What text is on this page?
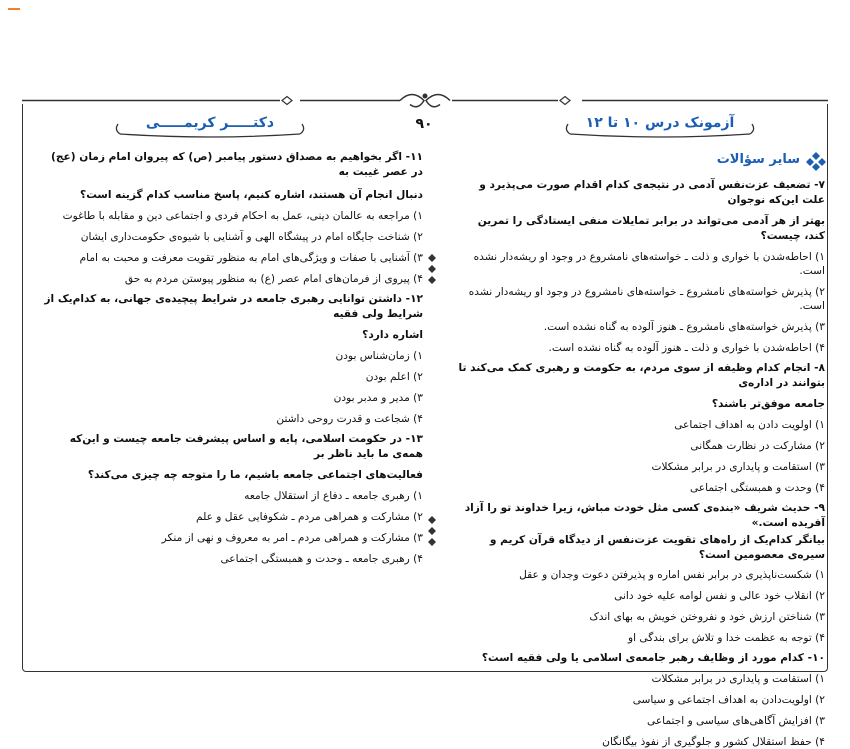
دکتـــــر کریمـــــی	۹۰	آزمونک درس ۱۰ تا ۱۲
سایر سؤالات

۱۱- اگر بخواهیم به مصداق دستور پیامبر (ص) که پیروان امام زمان (عج) در عصر غیبت به

دنبال انجام آن هستند، اشاره کنیم، پاسخ مناسب کدام گزینه است؟

۱) مراجعه به عالمان دینی، عمل به احکام فردی و اجتماعی دین و مقابله با طاغوت

۲) شناخت جایگاه امام در پیشگاه الهی و آشنایی با شیوه‌ی حکومت‌داری ایشان

۳) آشنایی با صفات و ویژگی‌های امام به منظور تقویت معرفت و محبت به امام

۴) پیروی از فرمان‌های امام عصر (ع) به منظور پیوستن مردم به حق

۱۲- داشتن توانایی رهبری جامعه در شرایط پیچیده‌ی جهانی، به کدام‌یک از شرایط ولی فقیه

اشاره دارد؟

۱) زمان‌شناس بودن

۲) اعلم بودن

۳) مدیر و مدبر بودن

۴) شجاعت و قدرت روحی داشتن

۱۳- در حکومت اسلامی، پایه و اساس پیشرفت جامعه چیست و این‌که همه‌ی ما باید ناظر بر

فعالیت‌های اجتماعی جامعه باشیم، ما را متوجه چه چیزی می‌کند؟

۱) رهبری جامعه ـ دفاع از استقلال جامعه

۲) مشارکت و همراهی مردم ـ شکوفایی عقل و علم

۳) مشارکت و همراهی مردم ـ امر به معروف و نهی از منکر

۴) رهبری جامعه ـ وحدت و همبستگی اجتماعی

۷- تضعیف عزت‌نفس آدمی در نتیجه‌ی کدام اقدام صورت می‌پذیرد و علت این‌که نوجوان

بهتر از هر آدمی می‌تواند در برابر تمایلات منفی ایستادگی را تمرین کند، چیست؟

۱) احاطه‌شدن با خواری و ذلت ـ خواسته‌های نامشروع در وجود او ریشه‌دار نشده است.

۲) پذیرش خواسته‌های نامشروع ـ خواسته‌های نامشروع در وجود او ریشه‌دار نشده است.

۳) پذیرش خواسته‌های نامشروع ـ هنوز آلوده به گناه نشده است.

۴) احاطه‌شدن با خواری و ذلت ـ هنوز آلوده به گناه نشده است.

۸- انجام کدام وظیفه از سوی مردم، به حکومت و رهبری کمک می‌کند تا بتوانند در اداره‌ی

جامعه موفق‌تر باشند؟

۱) اولویت دادن به اهداف اجتماعی

۲) مشارکت در نظارت همگانی

۳) استقامت و پایداری در برابر مشکلات

۴) وحدت و همبستگی اجتماعی

۹- حدیث شریف «بنده‌ی کسی مثل خودت مباش، زیرا خداوند تو را آزاد آفریده است.»

بیانگر کدام‌یک از راه‌های تقویت عزت‌نفس از دیدگاه قرآن کریم و سیره‌ی معصومین است؟

۱) شکست‌ناپذیری در برابر نفس اماره و پذیرفتن دعوت وجدان و عقل

۲) انقلاب خود عالی و نفس لوامه علیه خود دانی

۳) شناختن ارزش خود و نفروختن خویش به بهای اندک

۴) توجه به عظمت خدا و تلاش برای بندگی او

۱۰- کدام مورد از وظایف رهبر جامعه‌ی اسلامی یا ولی فقیه است؟

۱) استقامت و پایداری در برابر مشکلات

۲) اولویت‌دادن به اهداف اجتماعی و سیاسی

۳) افزایش آگاهی‌های سیاسی و اجتماعی

۴) حفظ استقلال کشور و جلوگیری از نفوذ بیگانگان
